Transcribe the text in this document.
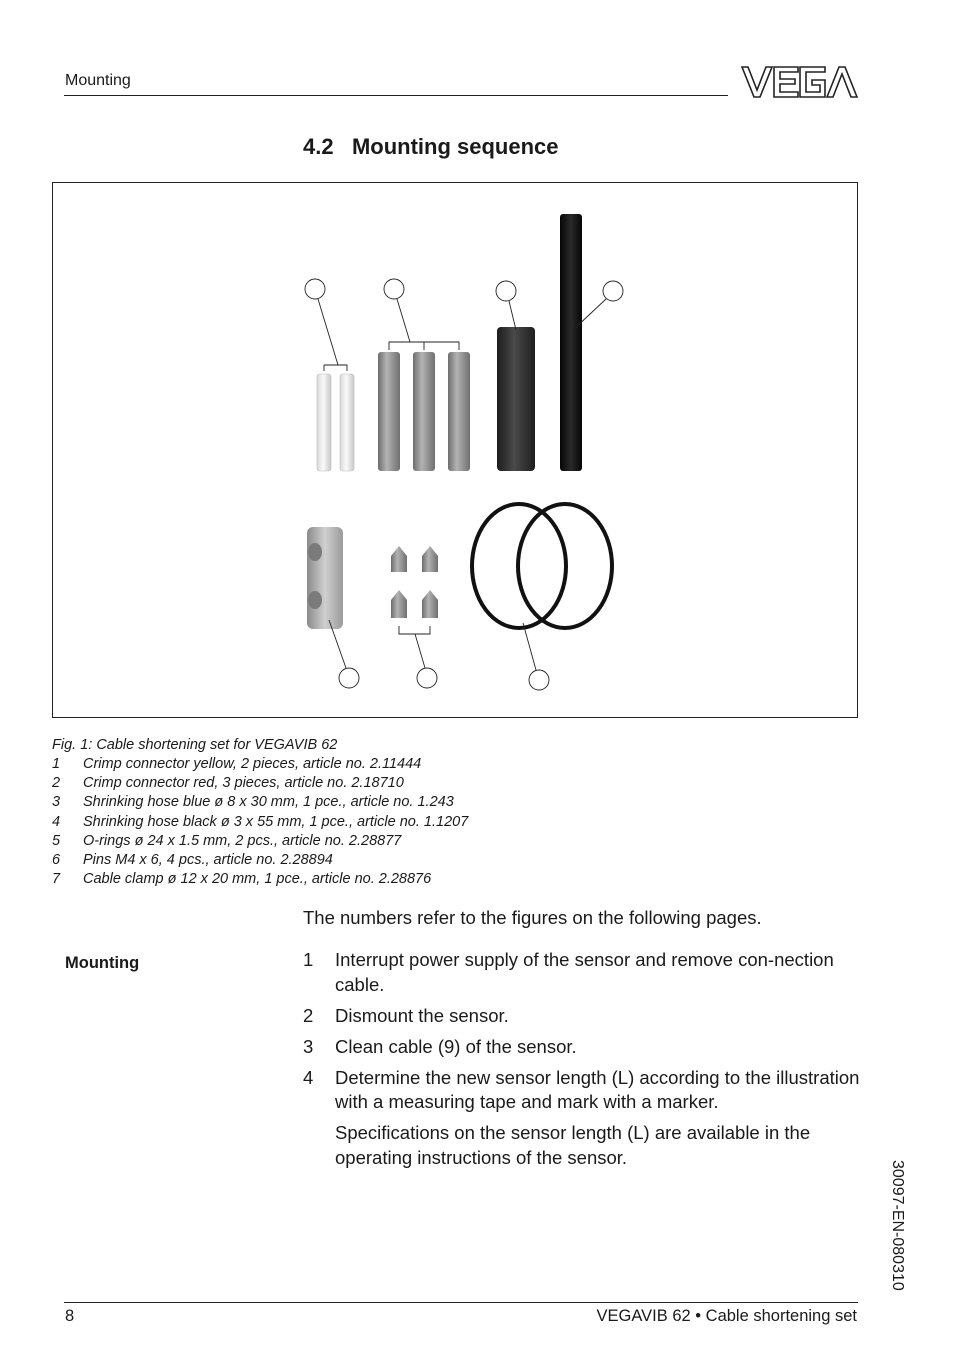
Mounting
VEGA
4.2 Mounting sequence
Fig. 1: Cable shortening set for VEGAVIB 62
1	Crimp connector yellow, 2 pieces, article no. 2.11444
2	Crimp connector red, 3 pieces, article no. 2.18710
3	Shrinking hose blue ø 8 x 30 mm, 1 pce., article no. 1.243
4	Shrinking hose black ø 3 x 55 mm, 1 pce., article no. 1.1207
5	O-rings ø 24 x 1.5 mm, 2 pcs., article no. 2.28877
6	Pins M4 x 6, 4 pcs., article no. 2.28894
7	Cable clamp ø 12 x 20 mm, 1 pce., article no. 2.28876
The numbers refer to the figures on the following pages.
Mounting	1	Interrupt power supply of the sensor and remove con-nection cable.
2	Dismount the sensor.
3	Clean cable (9) of the sensor.
4	Determine the new sensor length (L) according to the illustration with a measuring tape and mark with a marker.
Specifications on the sensor length (L) are available in the operating instructions of the sensor.
30097-EN-080310
8	VEGAVIB 62 • Cable shortening set
